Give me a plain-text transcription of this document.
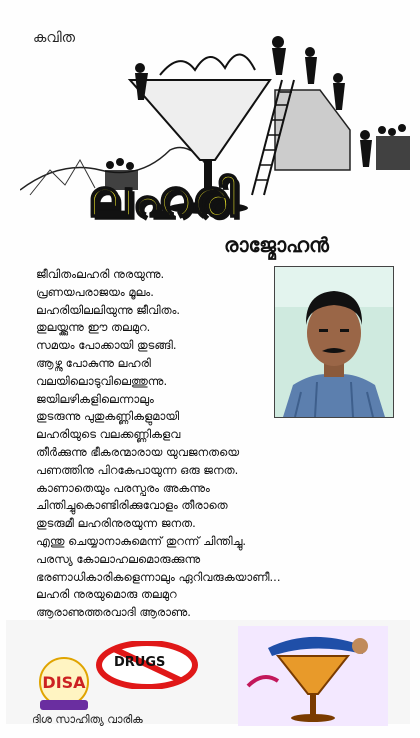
കവിത
ലഹരി
രാജ്മോഹൻ
ജീവിതംലഹരി നുരയുന്നു.
പ്രണയപരാജയം മൂലം.
ലഹരിയിലലിയുന്നു ജീവിതം.
തുലയ്ക്കുന്നു ഈ തലമുറ.
സമയം പോക്കായി തുടങ്ങി.
ആഴ്ന്നു പോകുന്നു ലഹരി
വലയിലൊടുവിലെത്തുന്നു.
ജയിലഴികളിലെന്നാലും
തുടരുന്നു പുതുകണ്ണികളുമായി
ലഹരിയുടെ വലക്കണ്ണികളവ
തീർക്കുന്നു ഭീകരന്മാരായ യുവജനതയെ
പണത്തിനു പിറകേപായുന്ന ഒരു ജനത.
കാണാതെയും പരസ്പരം അകന്നും
ചിന്തിച്ചുകൊണ്ടിരിക്കുവോളം തീരാതെ
തുടരുമീ ലഹരിനുരയുന്ന ജനത.
എന്തു ചെയ്യാനാകുമെന്ന് തുറന്ന് ചിന്തിച്ചു.
പരസ്യ കോലാഹലമൊരുക്കുന്നു
ഭരണാധികാരികളെന്നാലും ഏറിവരുകയാണീ...
ലഹരി നുരയുമൊരു തലമുറ
ആരാണുത്തരവാദി ആരാണു.
DISA
DRUGS
ദിശ സാഹിത്യ വാരിക
